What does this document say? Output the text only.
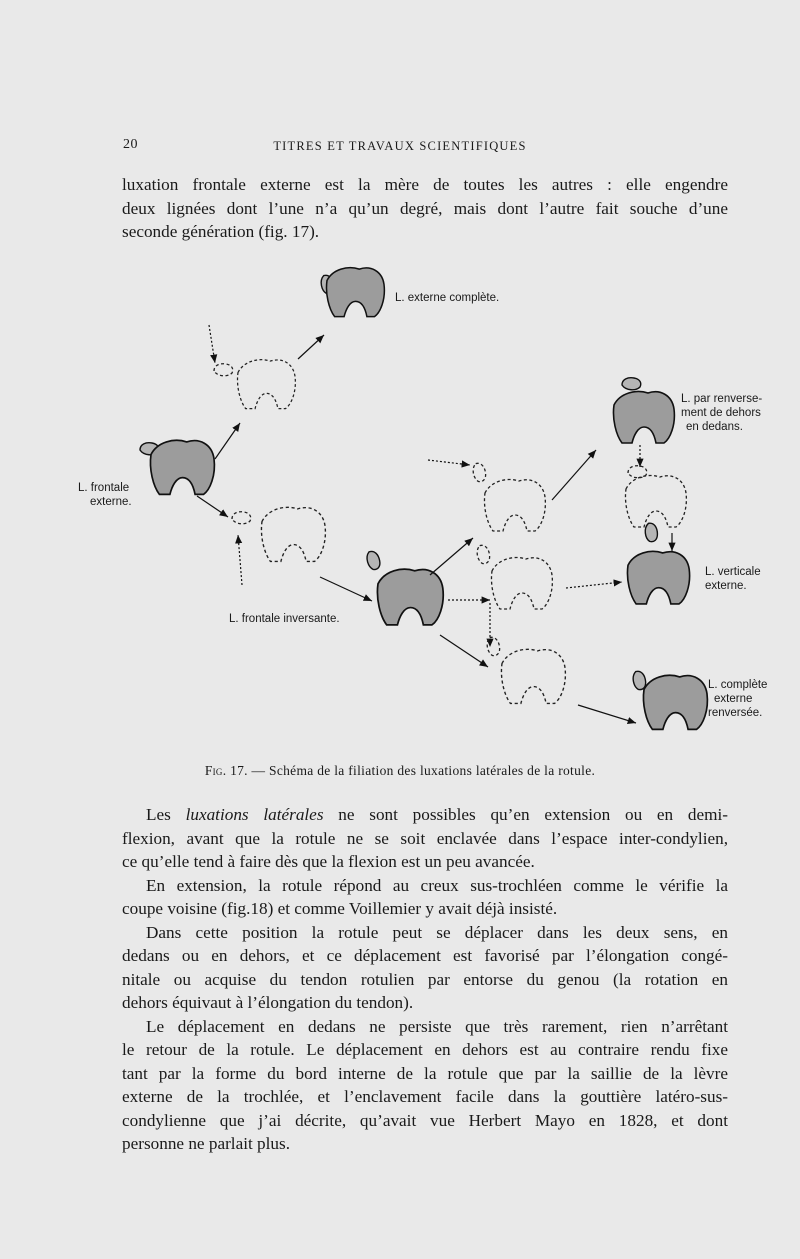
20	TITRES ET TRAVAUX SCIENTIFIQUES

luxation frontale externe est la mère de toutes les autres : elle engendre
deux lignées dont l’une n’a qu’un degré, mais dont l’autre fait souche d’une
seconde génération (fig. 17).

L. externe complète.
L. frontale
externe.
L. frontale inversante.
L. par renverse-
ment de dehors
en dedans.
L. verticale
externe.
L. complète
externe
renversée.
Fig. 17. — Schéma de la filiation des luxations latérales de la rotule.

Les luxations latérales ne sont possibles qu’en extension ou en demi-
flexion, avant que la rotule ne se soit enclavée dans l’espace inter-condylien,
ce qu’elle tend à faire dès que la flexion est un peu avancée.

En extension, la rotule répond au creux sus-trochléen comme le vérifie la
coupe voisine (fig.18) et comme Voillemier y avait déjà insisté.

Dans cette position la rotule peut se déplacer dans les deux sens, en
dedans ou en dehors, et ce déplacement est favorisé par l’élongation congé-
nitale ou acquise du tendon rotulien par entorse du genou (la rotation en
dehors équivaut à l’élongation du tendon).

Le déplacement en dedans ne persiste que très rarement, rien n’arrêtant
le retour de la rotule. Le déplacement en dehors est au contraire rendu fixe
tant par la forme du bord interne de la rotule que par la saillie de la lèvre
externe de la trochlée, et l’enclavement facile dans la gouttière latéro-sus-
condylienne que j’ai décrite, qu’avait vue Herbert Mayo en 1828, et dont
personne ne parlait plus.
